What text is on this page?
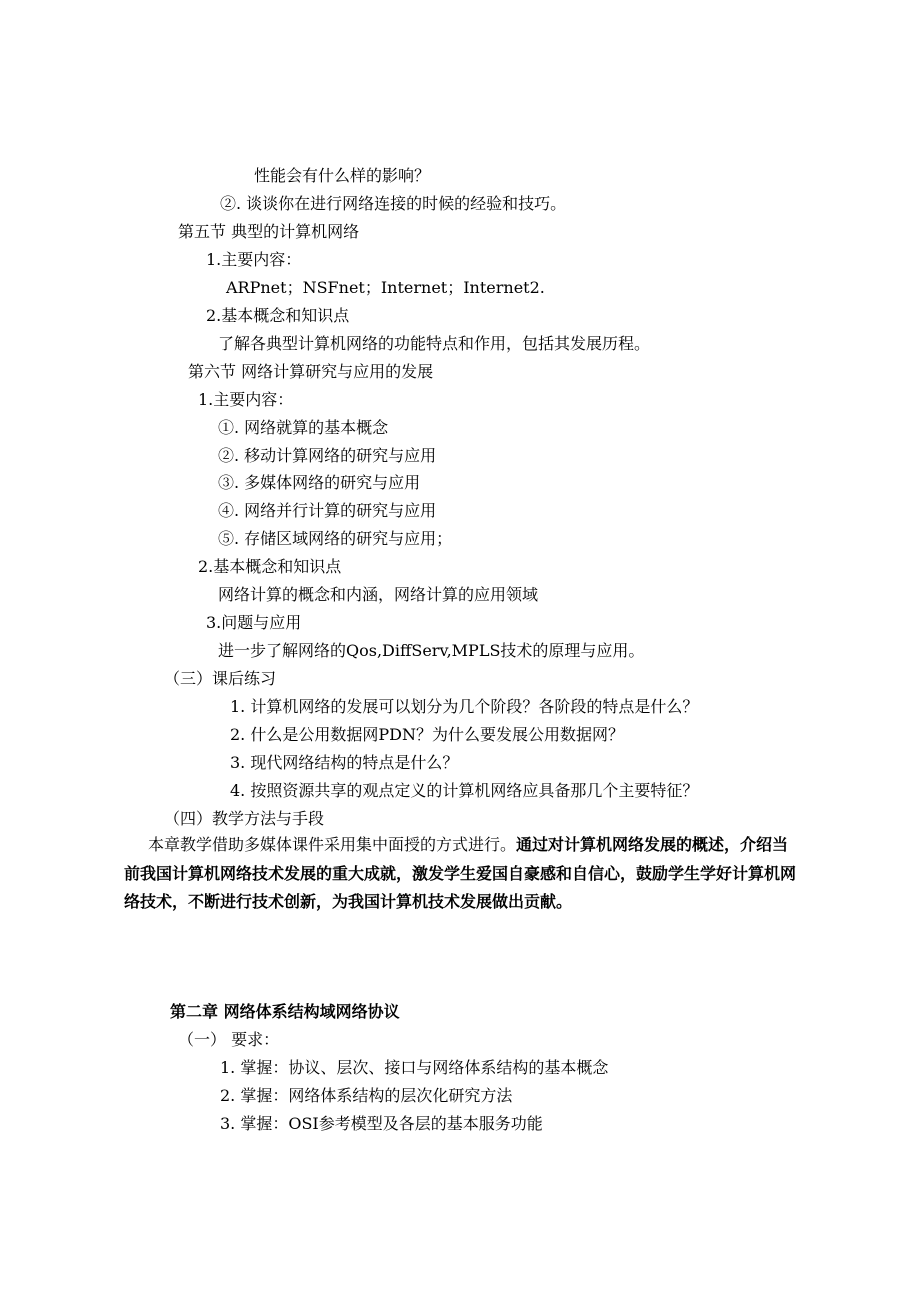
性能会有什么样的影响？

②. 谈谈你在进行网络连接的时候的经验和技巧。

第五节 典型的计算机网络

1.主要内容：

ARPnet；NSFnet；Internet；Internet2.

2.基本概念和知识点

了解各典型计算机网络的功能特点和作用，包括其发展历程。

第六节 网络计算研究与应用的发展

1.主要内容：

①. 网络就算的基本概念

②. 移动计算网络的研究与应用

③. 多媒体网络的研究与应用

④. 网络并行计算的研究与应用

⑤. 存储区域网络的研究与应用；

2.基本概念和知识点

网络计算的概念和内涵，网络计算的应用领域

3.问题与应用

进一步了解网络的Qos,DiffServ,MPLS技术的原理与应用。

（三）课后练习

1. 计算机网络的发展可以划分为几个阶段？各阶段的特点是什么？

2. 什么是公用数据网PDN？为什么要发展公用数据网？

3. 现代网络结构的特点是什么？

4. 按照资源共享的观点定义的计算机网络应具备那几个主要特征？

（四）教学方法与手段

  本章教学借助多媒体课件采用集中面授的方式进行。通过对计算机网络发展的概述，介绍当前我国计算机网络技术发展的重大成就，激发学生爱国自豪感和自信心，鼓励学生学好计算机网络技术，不断进行技术创新，为我国计算机技术发展做出贡献。

第二章 网络体系结构域网络协议

（一） 要求：

1. 掌握：协议、层次、接口与网络体系结构的基本概念

2. 掌握：网络体系结构的层次化研究方法

3. 掌握：OSI参考模型及各层的基本服务功能
